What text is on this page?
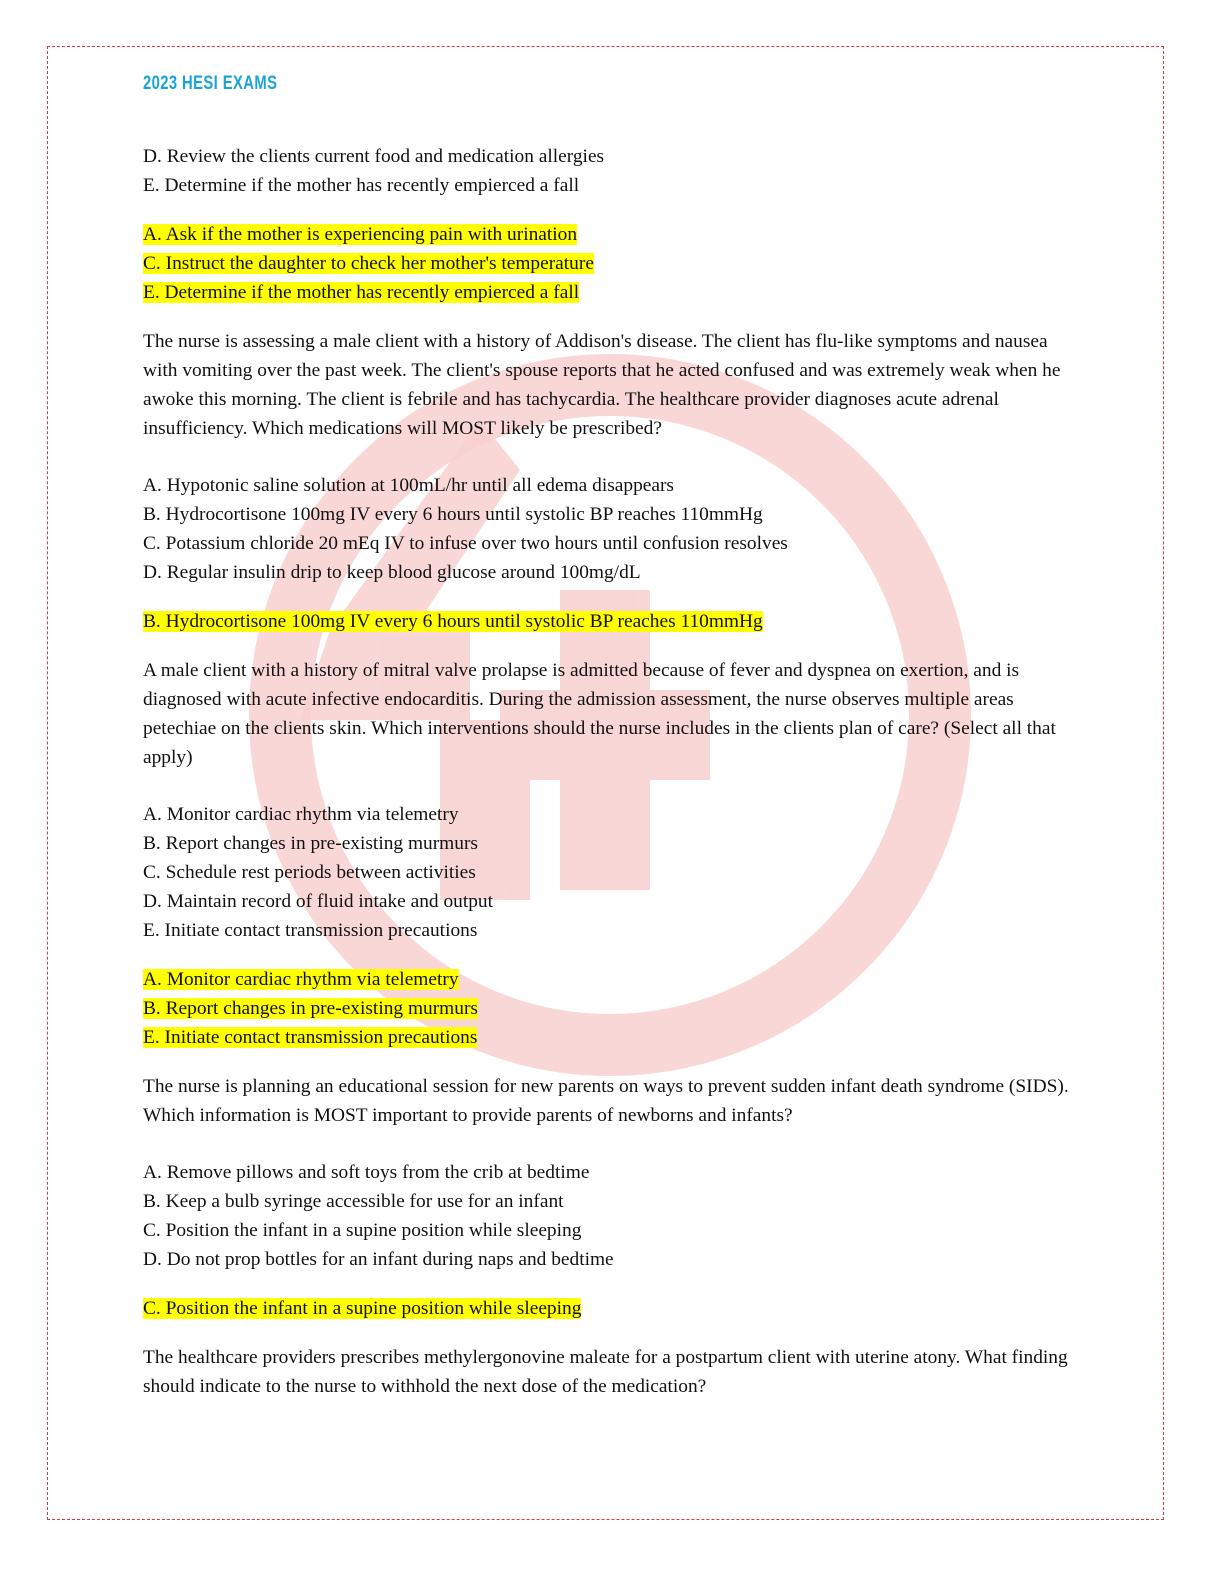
2023 HESI EXAMS
D. Review the clients current food and medication allergies
E. Determine if the mother has recently empierced a fall
A. Ask if the mother is experiencing pain with urination
C. Instruct the daughter to check her mother's temperature
E. Determine if the mother has recently empierced a fall

The nurse is assessing a male client with a history of Addison's disease. The client has flu-like symptoms and nausea with vomiting over the past week. The client's spouse reports that he acted confused and was extremely weak when he awoke this morning. The client is febrile and has tachycardia. The healthcare provider diagnoses acute adrenal insufficiency. Which medications will MOST likely be prescribed?

A. Hypotonic saline solution at 100mL/hr until all edema disappears
B. Hydrocortisone 100mg IV every 6 hours until systolic BP reaches 110mmHg
C. Potassium chloride 20 mEq IV to infuse over two hours until confusion resolves
D. Regular insulin drip to keep blood glucose around 100mg/dL
B. Hydrocortisone 100mg IV every 6 hours until systolic BP reaches 110mmHg

A male client with a history of mitral valve prolapse is admitted because of fever and dyspnea on exertion, and is diagnosed with acute infective endocarditis. During the admission assessment, the nurse observes multiple areas petechiae on the clients skin. Which interventions should the nurse includes in the clients plan of care? (Select all that apply)

A. Monitor cardiac rhythm via telemetry
B. Report changes in pre-existing murmurs
C. Schedule rest periods between activities
D. Maintain record of fluid intake and output
E. Initiate contact transmission precautions
A. Monitor cardiac rhythm via telemetry
B. Report changes in pre-existing murmurs
E. Initiate contact transmission precautions

The nurse is planning an educational session for new parents on ways to prevent sudden infant death syndrome (SIDS). Which information is MOST important to provide parents of newborns and infants?

A. Remove pillows and soft toys from the crib at bedtime
B. Keep a bulb syringe accessible for use for an infant
C. Position the infant in a supine position while sleeping
D. Do not prop bottles for an infant during naps and bedtime
C. Position the infant in a supine position while sleeping

The healthcare providers prescribes methylergonovine maleate for a postpartum client with uterine atony. What finding should indicate to the nurse to withhold the next dose of the medication?
